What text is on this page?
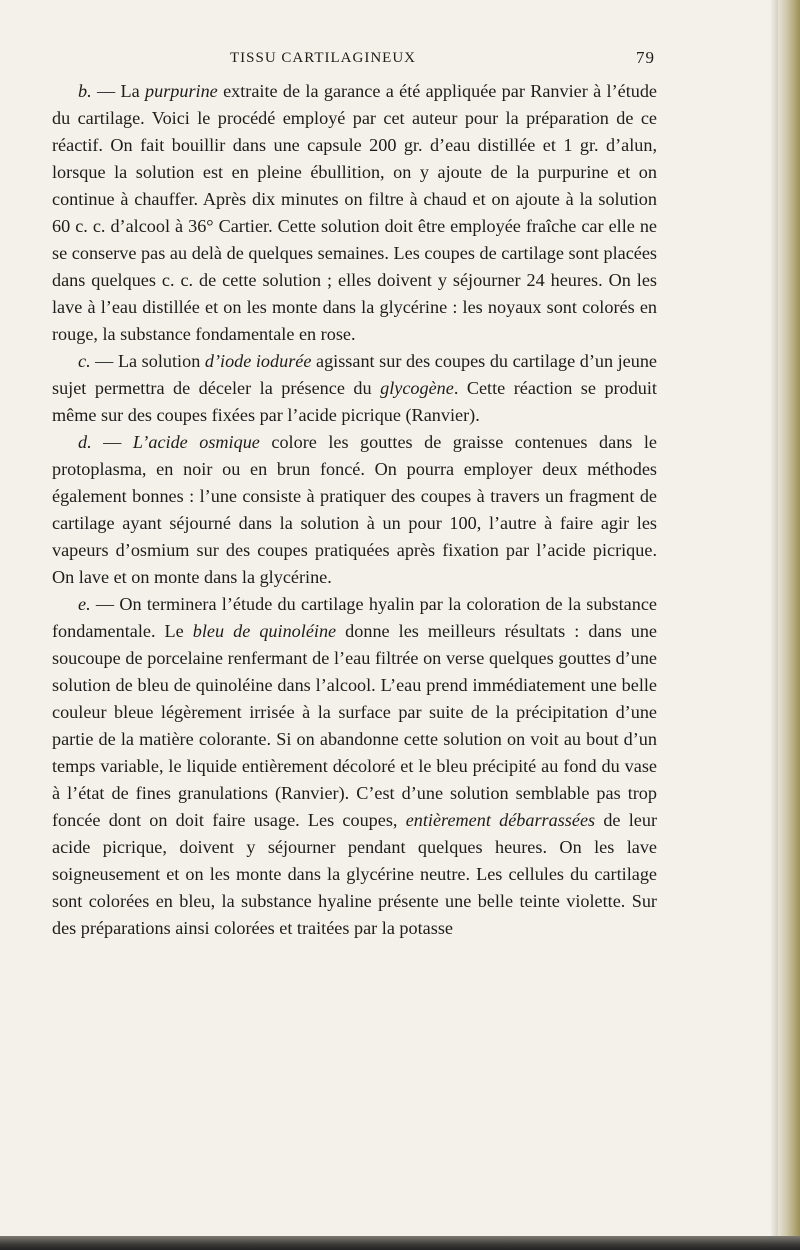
TISSU CARTILAGINEUX	79

b. — La purpurine extraite de la garance a été appliquée par Ranvier à l’étude du cartilage. Voici le procédé employé par cet auteur pour la préparation de ce réactif. On fait bouillir dans une capsule 200 gr. d’eau distillée et 1 gr. d’alun, lorsque la solution est en pleine ébullition, on y ajoute de la purpurine et on continue à chauffer. Après dix minutes on filtre à chaud et on ajoute à la solution 60 c. c. d’alcool à 36° Cartier. Cette solution doit être employée fraîche car elle ne se conserve pas au delà de quelques semaines. Les coupes de cartilage sont placées dans quelques c. c. de cette solution ; elles doivent y séjourner 24 heures. On les lave à l’eau distillée et on les monte dans la glycérine : les noyaux sont colorés en rouge, la substance fondamentale en rose.

c. — La solution d’iode iodurée agissant sur des coupes du cartilage d’un jeune sujet permettra de déceler la présence du glycogène. Cette réaction se produit même sur des coupes fixées par l’acide picrique (Ranvier).

d. — L’acide osmique colore les gouttes de graisse contenues dans le protoplasma, en noir ou en brun foncé. On pourra employer deux méthodes également bonnes : l’une consiste à pratiquer des coupes à travers un fragment de cartilage ayant séjourné dans la solution à un pour 100, l’autre à faire agir les vapeurs d’osmium sur des coupes pratiquées après fixation par l’acide picrique. On lave et on monte dans la glycérine.

e. — On terminera l’étude du cartilage hyalin par la coloration de la substance fondamentale. Le bleu de quinoléine donne les meilleurs résultats : dans une soucoupe de porcelaine renfermant de l’eau filtrée on verse quelques gouttes d’une solution de bleu de quinoléine dans l’alcool. L’eau prend immédiatement une belle couleur bleue légèrement irrisée à la surface par suite de la précipitation d’une partie de la matière colorante. Si on abandonne cette solution on voit au bout d’un temps variable, le liquide entièrement décoloré et le bleu précipité au fond du vase à l’état de fines granulations (Ranvier). C’est d’une solution semblable pas trop foncée dont on doit faire usage. Les coupes, entièrement débarrassées de leur acide picrique, doivent y séjourner pendant quelques heures. On les lave soigneusement et on les monte dans la glycérine neutre. Les cellules du cartilage sont colorées en bleu, la substance hyaline présente une belle teinte violette. Sur des préparations ainsi colorées et traitées par la potasse
